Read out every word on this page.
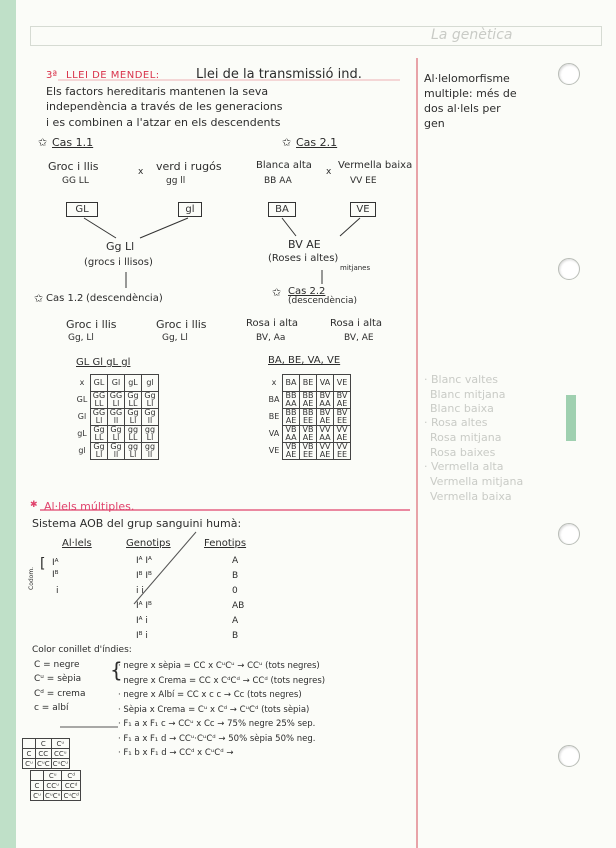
La genètica
3ª LLEI DE MENDEL:	Llei de la transmissió ind.
Els factors hereditaris mantenen la seva
independència a través de les generacions
i es combinen a l'atzar en els descendents
Al·lelomorfisme
multiple: més de
dos al·lels per
gen
· Blanc valtes
Blanc mitjana
Blanc baixa
· Rosa altes
Rosa mitjana
Rosa baixes
· Vermella alta
Vermella mitjana
Vermella baixa
✩ Cas 1.1
Groc i llis
GG LL
x verd i rugós
gg ll
GL	gl
Gg Ll
(grocs i llisos)
✩ Cas 2.1
Blanca alta
BB AA
x
Vermella baixa
VV EE
BA	VE
BV AE
(Roses i altes)
mitjanes
✩ Cas 1.2 (descendència)
Groc i llis
Gg, Ll
Groc i llis
Gg, Ll
GL Gl gL gl
x	GL	Gl	gL	gl
GL	GG LL	GG Ll	Gg LL	Gg Ll
Gl	GG Ll	GG ll	Gg Ll	Gg ll
gL	Gg LL	Gg Ll	gg LL	gg Ll
gl	Gg Ll	Gg ll	gg Ll	gg ll
✩ Cas 2.2
(descendència)
Rosa i alta
BV, Aa
Rosa i alta
BV, AE
BA, BE, VA, VE
x	BA	BE	VA	VE
BA	BB AA	BB AE	BV AA	BV AE
BE	BB AE	BB EE	BV AE	BV EE
VA	VB AA	VB AE	VV AA	VV AE
VE	VB AE	VB EE	VV AE	VV EE
✱ Al·lels múltiples.
Sistema AOB del grup sanguini humà:
Al·lels	Genotips	Fenotips
Codom.
[ Iᴬ
Iᴮ
i
Iᴬ Iᴬ	A
Iᴮ Iᴮ	B
i i	0
Iᴬ Iᴮ	AB
Iᴬ i	A
Iᴮ i	B
Color conillet d'índies:
C = negre
Cᵘ = sèpia
Cᵈ = crema
c = albí
{
· negre x sèpia = CC x CᵘCᵘ → CCᵘ (tots negres)
· negre x Crema = CC x CᵈCᵈ → CCᵈ (tots negres)
· negre x Albí = CC x c c → Cc (tots negres)
· Sèpia x Crema = Cᵘ x Cᵈ → CᵘCᵈ (tots sèpia)
· F₁ a x F₁ c → CCᵘ x Cc → 75% negre 25% sep.
· F₁ a x F₁ d → CCᵘ·CᵘCᵈ → 50% sèpia 50% neg.
· F₁ b x F₁ d → CCᵈ x CᵘCᵈ →
	C	Cᵘ
C	CC	CCᵘ
Cᵘ	CᵘC	CᵘCᵘ
	Cᵘ	Cᵈ
C	CCᵘ	CCᵈ
Cᵘ	CᵘCᵘ	CᵘCᵈ
